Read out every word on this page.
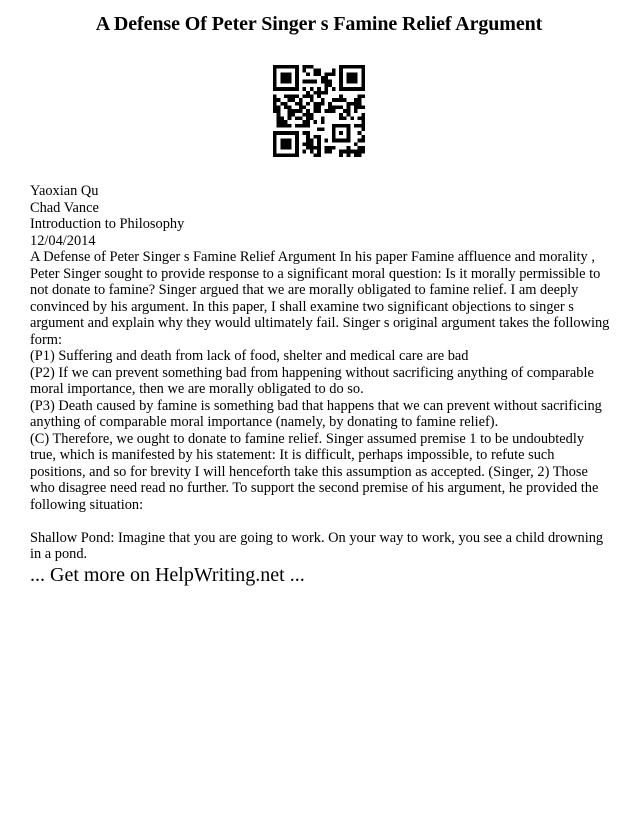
A Defense Of Peter Singer s Famine Relief Argument
Yaoxian Qu
Chad Vance
Introduction to Philosophy
12/04/2014

A Defense of Peter Singer s Famine Relief Argument In his paper Famine affluence and morality , Peter Singer sought to provide response to a significant moral question: Is it morally permissible to not donate to famine? Singer argued that we are morally obligated to famine relief. I am deeply convinced by his argument. In this paper, I shall examine two significant objections to singer s argument and explain why they would ultimately fail. Singer s original argument takes the following form:

(P1) Suffering and death from lack of food, shelter and medical care are bad

(P2) If we can prevent something bad from happening without sacrificing anything of comparable moral importance, then we are morally obligated to do so.

(P3) Death caused by famine is something bad that happens that we can prevent without sacrificing anything of comparable moral importance (namely, by donating to famine relief).

(C) Therefore, we ought to donate to famine relief. Singer assumed premise 1 to be undoubtedly true, which is manifested by his statement: It is difficult, perhaps impossible, to refute such positions, and so for brevity I will henceforth take this assumption as accepted. (Singer, 2) Those who disagree need read no further. To support the second premise of his argument, he provided the following situation:

Shallow Pond: Imagine that you are going to work. On your way to work, you see a child drowning in a pond.

... Get more on HelpWriting.net ...
